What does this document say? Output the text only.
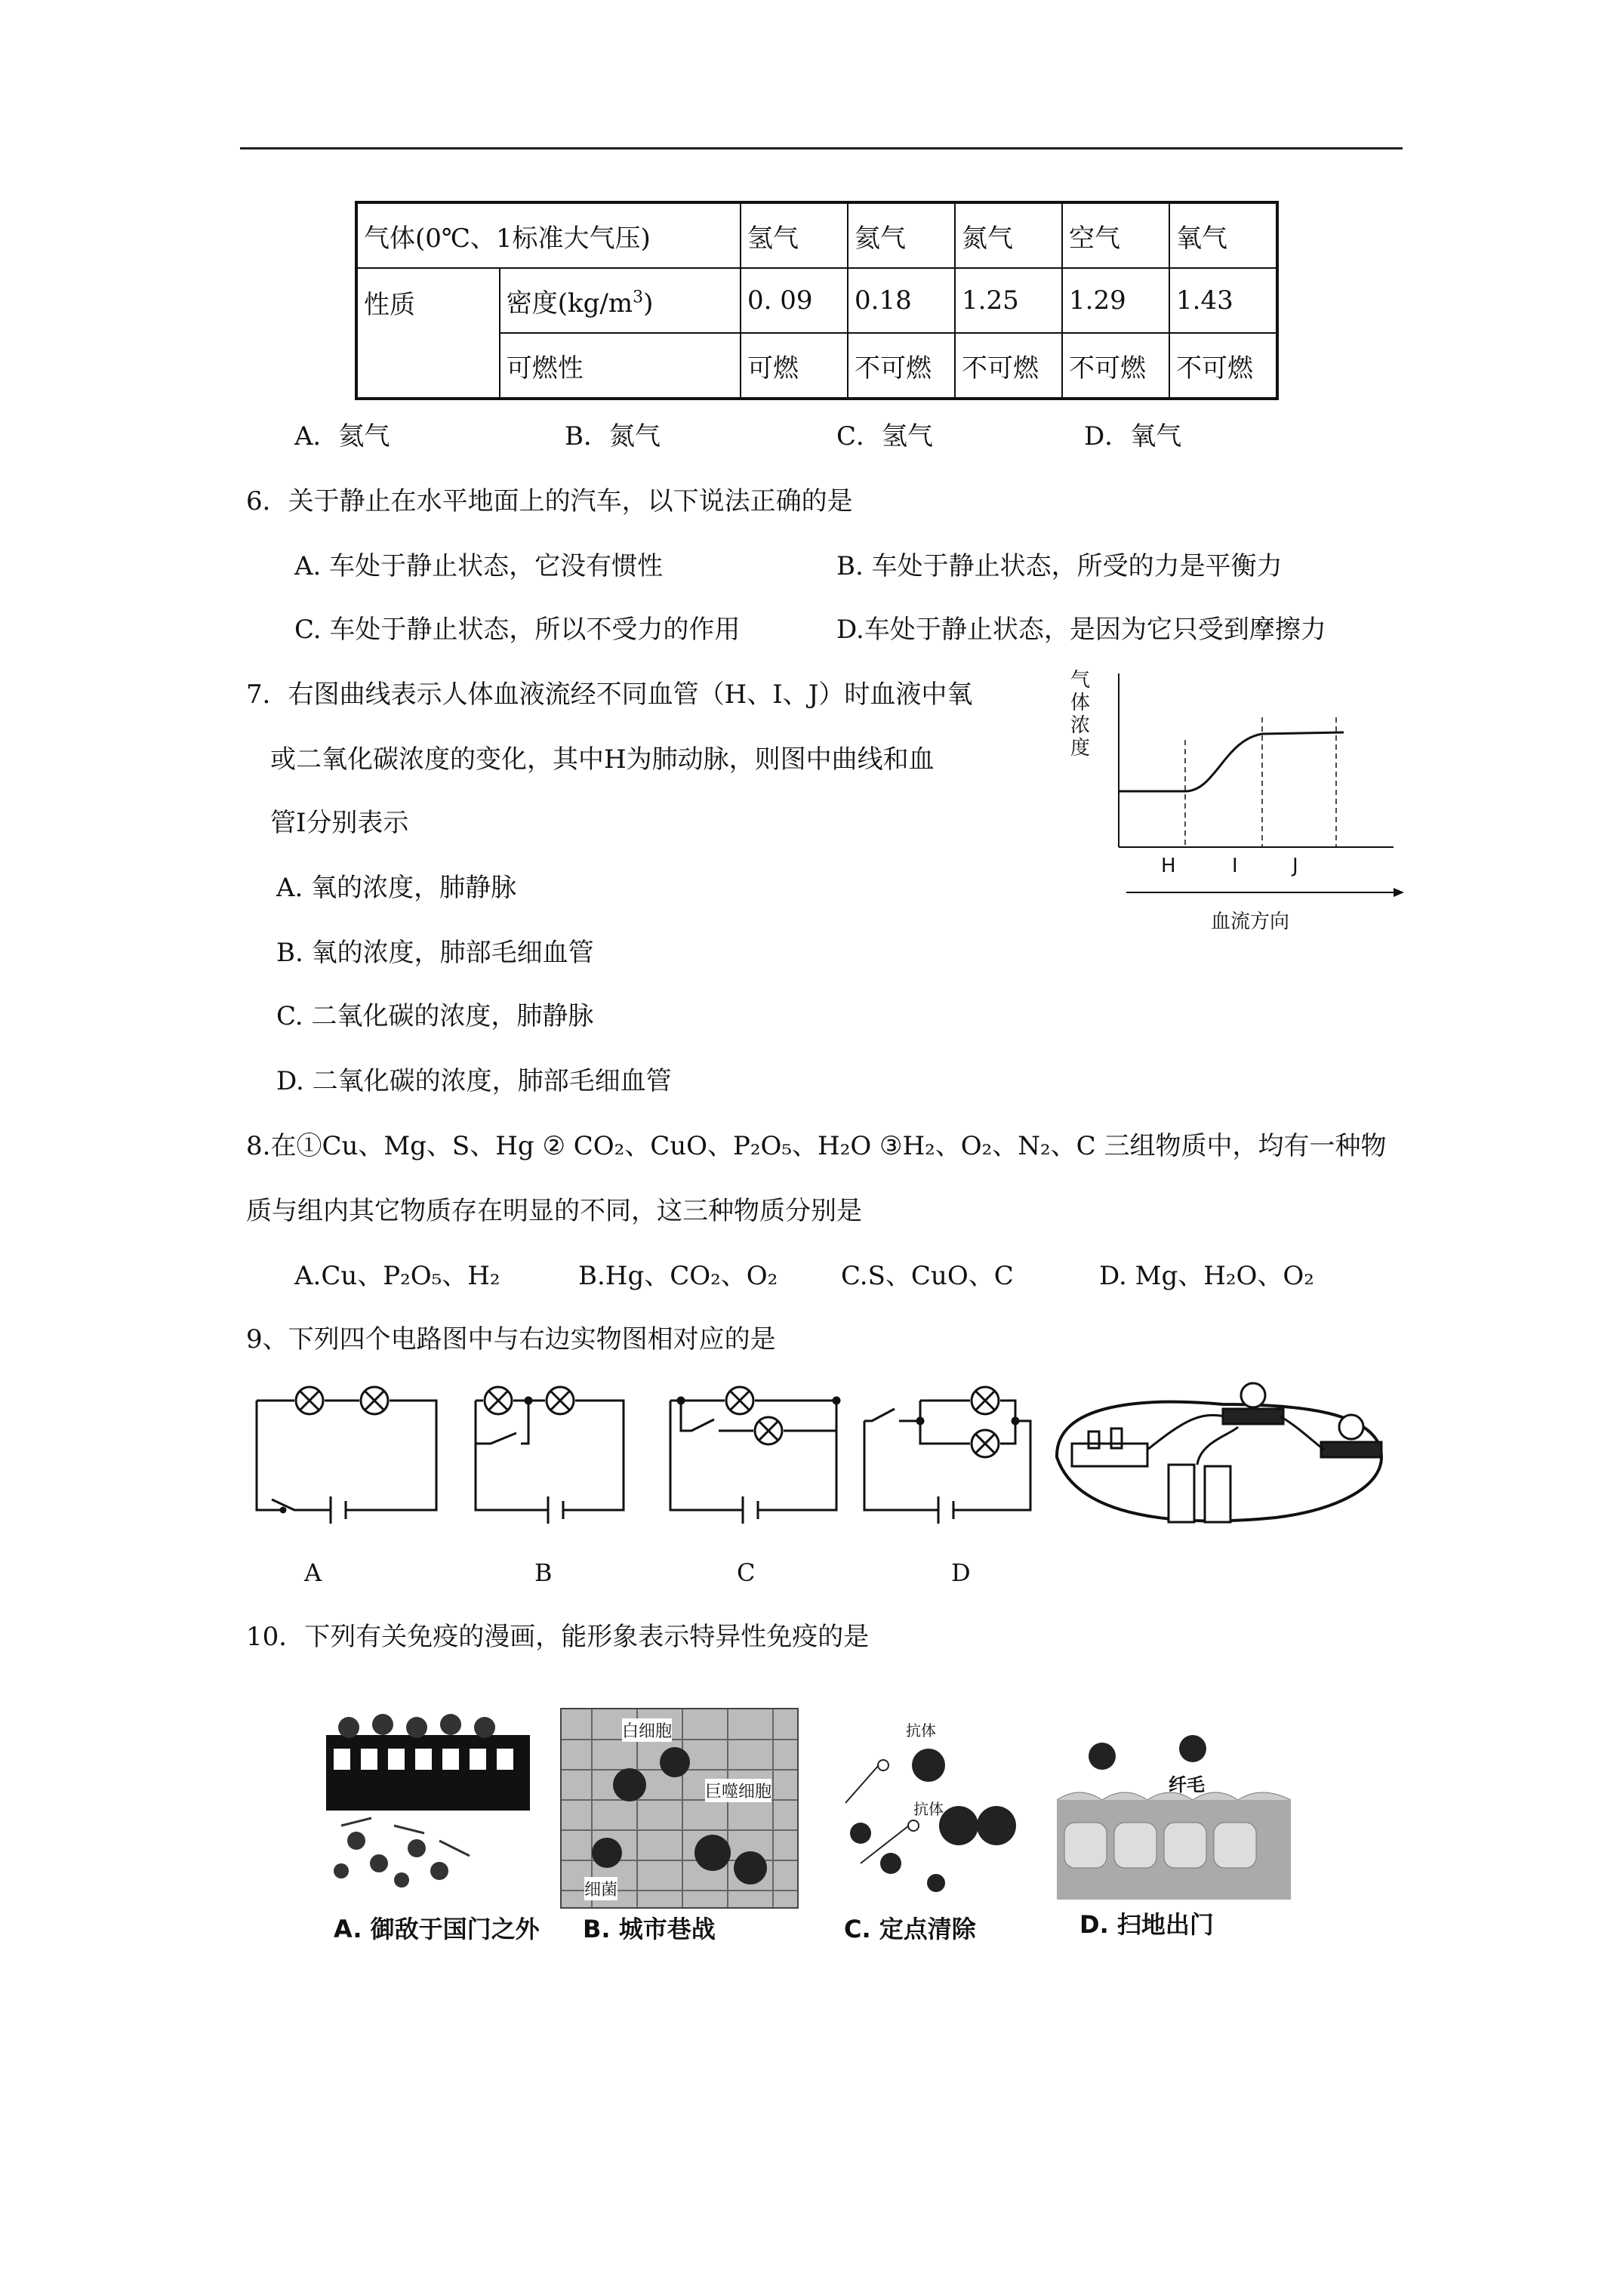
气体(0℃、1标准大气压)		氢气	氦气	氮气	空气	氧气
性质	密度$(kg/m^3)$	0. 09	0.18	1.25	1.29	1.43
	可燃性	可燃	不可燃	不可燃	不可燃	不可燃
A．氦气	B．氮气	C．氢气	D．氧气
6．关于静止在水平地面上的汽车，以下说法正确的是
A. 车处于静止状态，它没有惯性	B. 车处于静止状态，所受的力是平衡力
C. 车处于静止状态，所以不受力的作用	D.车处于静止状态，是因为它只受到摩擦力
7．右图曲线表示人体血液流经不同血管（H、I、J）时血液中氧
或二氧化碳浓度的变化，其中H为肺动脉，则图中曲线和血
管I分别表示
A. 氧的浓度，肺静脉
B. 氧的浓度，肺部毛细血管
C. 二氧化碳的浓度，肺静脉
D. 二氧化碳的浓度，肺部毛细血管
气体浓度
H	I	J
血流方向
8.在①Cu、Mg、S、Hg ② CO₂、CuO、P₂O₅、H₂O ③H₂、O₂、N₂、C 三组物质中，均有一种物
质与组内其它物质存在明显的不同，这三种物质分别是
A.Cu、P₂O₅、H₂	B.Hg、CO₂、O₂ C.S、CuO、C	D. Mg、H₂O、O₂
9、下列四个电路图中与右边实物图相对应的是
A	B	C	D
10．下列有关免疫的漫画，能形象表示特异性免疫的是
白细胞
巨噬细胞
细菌
抗体
抗体
纤毛
A. 御敌于国门之外 B. 城市巷战	C. 定点清除	D. 扫地出门
